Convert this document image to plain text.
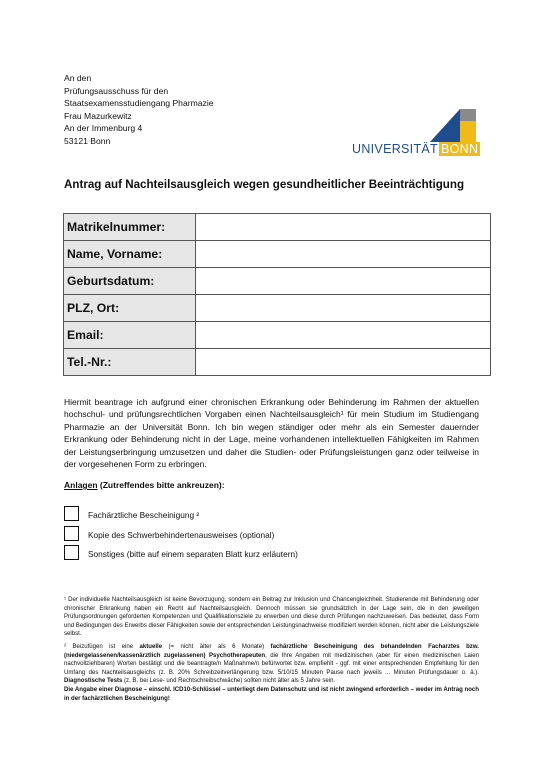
An den
Prüfungsausschuss für den
Staatsexamensstudiengang Pharmazie
Frau Mazurkewitz
An der Immenburg 4
53121 Bonn
UNIVERSITÄT BONN
Antrag auf Nachteilsausgleich wegen gesundheitlicher Beeinträchtigung
Matrikelnummer:	
Name, Vorname:	
Geburtsdatum:	
PLZ, Ort:	
Email:	
Tel.-Nr.:	
Hiermit beantrage ich aufgrund einer chronischen Erkrankung oder Behinderung im Rahmen der aktuellen hochschul- und prüfungsrechtlichen Vorgaben einen Nachteilsausgleich¹ für mein Studium im Studiengang Pharmazie an der Universität Bonn. Ich bin wegen ständiger oder mehr als ein Semester dauernder Erkrankung oder Behinderung nicht in der Lage, meine vorhandenen intellektuellen Fähigkeiten im Rahmen der Leistungserbringung umzusetzen und daher die Studien- oder Prüfungsleistungen ganz oder teilweise in der vorgesehenen Form zu erbringen.
Anlagen (Zutreffendes bitte ankreuzen):
Fachärztliche Bescheinigung ²
Kopie des Schwerbehindertenausweises (optional)
Sonstiges (bitte auf einem separaten Blatt kurz erläutern)

¹ Der individuelle Nachteilsausgleich ist keine Bevorzugung, sondern ein Beitrag zur Inklusion und Chancengleichheit. Studierende mit Behinderung oder chronischer Erkrankung haben ein Recht auf Nachteilsausgleich. Dennoch müssen sie grundsätzlich in der Lage sein, die in den jeweiligen Prüfungsordnungen geforderten Kompetenzen und Qualifikationsziele zu erwerben und diese durch Prüfungen nachzuweisen. Das bedeutet, dass Form und Bedingungen des Erwerbs dieser Fähigkeiten sowie der entsprechenden Leistungsnachweise modifiziert werden können, nicht aber die Leistungsziele selbst.

² Beizufügen ist eine aktuelle (= nicht älter als 6 Monate) fachärztliche Bescheinigung des behandelnden Facharztes bzw. (niedergelassenen/kassenärztlich zugelassenen) Psychotherapeuten, die Ihre Angaben mit medizinischen (aber für einen medizinischen Laien nachvollziehbaren) Worten bestätigt und die beantragte/n Maßnahme/n befürwortet bzw. empfiehlt - ggf. mit einer entsprechenden Empfehlung für den Umfang des Nachteilsausgleichs (z. B. 20% Schreibzeitverlängerung bzw. 5/10/15 Minuten Pause nach jeweils ... Minuten Prüfungsdauer o. ä.). Diagnostische Tests (z. B. bei Lese- und Rechtschreibschwäche) sollten nicht älter als 5 Jahre sein.
Die Angabe einer Diagnose – einschl. ICD10-Schlüssel – unterliegt dem Datenschutz und ist nicht zwingend erforderlich – weder im Antrag noch in der fachärztlichen Bescheinigung!
